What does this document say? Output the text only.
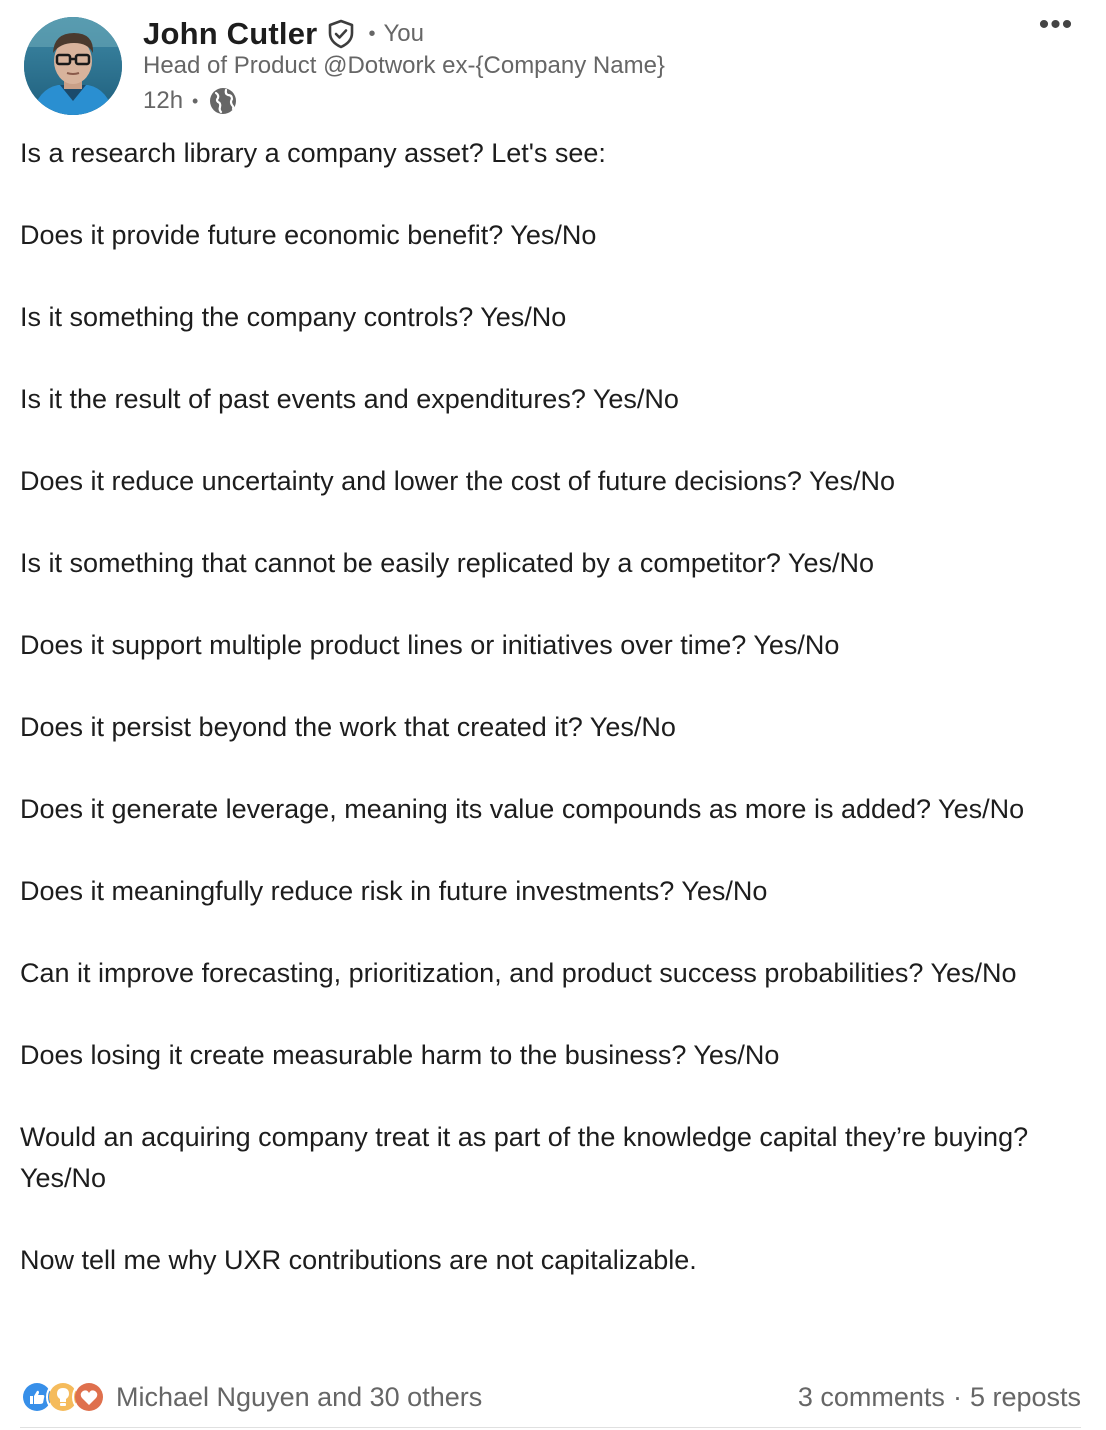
John Cutler	• You
Head of Product @Dotwork ex-{Company Name}
12h •
•••

Is a research library a company asset? Let's see:

Does it provide future economic benefit? Yes/No

Is it something the company controls? Yes/No

Is it the result of past events and expenditures? Yes/No

Does it reduce uncertainty and lower the cost of future decisions? Yes/No

Is it something that cannot be easily replicated by a competitor? Yes/No

Does it support multiple product lines or initiatives over time? Yes/No

Does it persist beyond the work that created it? Yes/No

Does it generate leverage, meaning its value compounds as more is added? Yes/No

Does it meaningfully reduce risk in future investments? Yes/No

Can it improve forecasting, prioritization, and product success probabilities? Yes/No

Does losing it create measurable harm to the business? Yes/No

Would an acquiring company treat it as part of the knowledge capital they’re buying? Yes/No

Now tell me why UXR contributions are not capitalizable.

Michael Nguyen and 30 others	3 comments · 5 reposts
